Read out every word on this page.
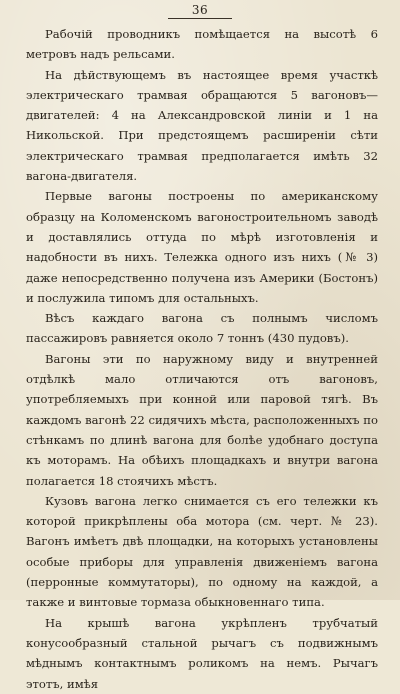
36

Рабочій проводникъ помѣщается на высотѣ 6 метровъ надъ рельсами.

На дѣйствующемъ въ настоящее время участкѣ электрическаго трамвая обращаются 5 вагоновъ—двигателей: 4 на Александровской линіи и 1 на Никольской. При предстоящемъ расширеніи сѣти электрическаго трамвая предполагается имѣть 32 вагона-двигателя.

Первые вагоны построены по американскому образцу на Коломенскомъ вагоностроительномъ заводѣ и доставлялись оттуда по мѣрѣ изготовленія и надобности въ нихъ. Тележка одного изъ нихъ (№ 3) даже непосредственно получена изъ Америки (Бостонъ) и послужила типомъ для остальныхъ.

Вѣсъ каждаго вагона съ полнымъ числомъ пассажировъ равняется около 7 тоннъ (430 пудовъ).

Вагоны эти по наружному виду и внутренней отдѣлкѣ мало отличаются отъ вагоновъ, употребляемыхъ при конной или паровой тягѣ. Въ каждомъ вагонѣ 22 сидячихъ мѣста, расположенныхъ по стѣнкамъ по длинѣ вагона для болѣе удобнаго доступа къ моторамъ. На обѣихъ площадкахъ и внутри вагона полагается 18 стоячихъ мѣстъ.

Кузовъ вагона легко снимается съ его тележки къ которой прикрѣплены оба мотора (см. черт. № 23). Вагонъ имѣетъ двѣ площадки, на которыхъ установлены особые приборы для управленія движеніемъ вагона (перронные коммутаторы), по одному на каждой, а также и винтовые тормаза обыкновеннаго типа.

На крышѣ вагона укрѣпленъ трубчатый конусообразный стальной рычагъ съ подвижнымъ мѣднымъ контактнымъ роликомъ на немъ. Рычагъ этотъ, имѣя
